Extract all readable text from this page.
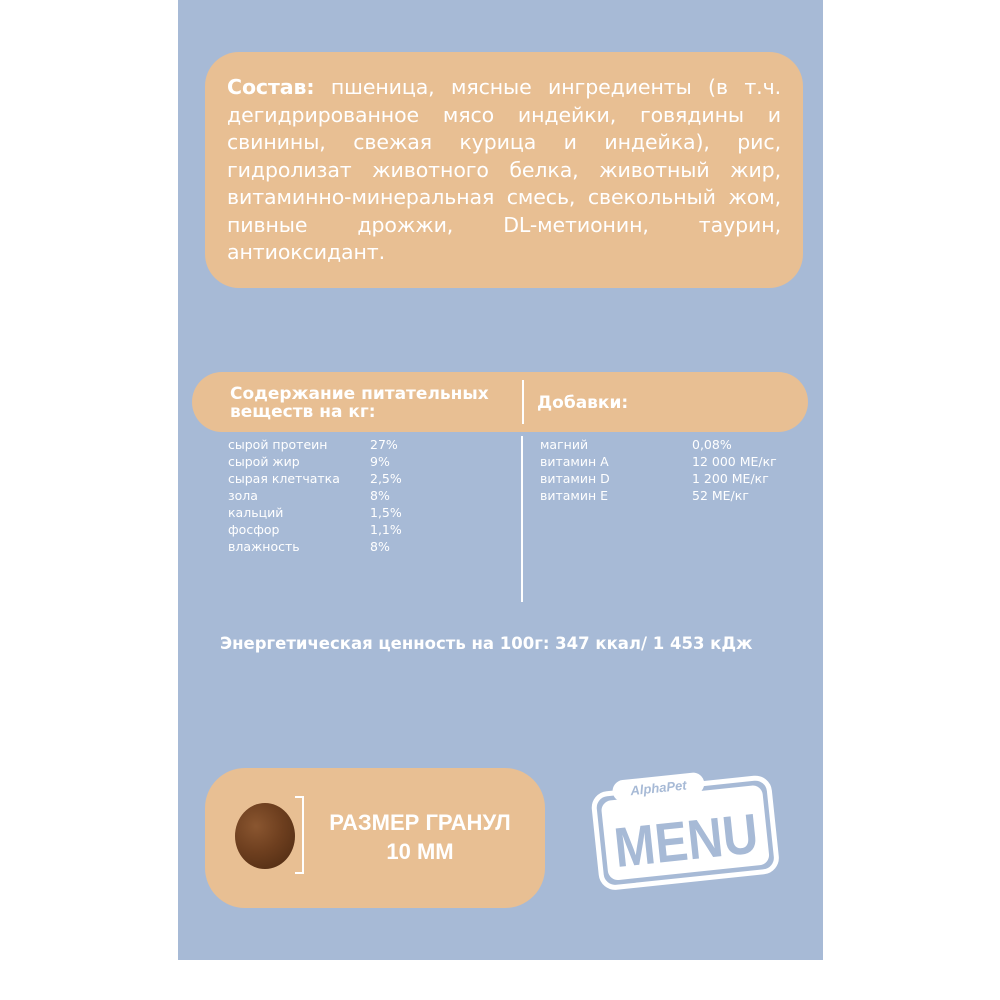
Состав: пшеница, мясные ингредиенты (в т.ч. дегидрированное мясо индейки, говядины и свинины, свежая курица и индейка), рис, гидролизат животного белка, животный жир, витаминно-минеральная смесь, свекольный жом, пивные дрожжи, DL-метионин, таурин, антиоксидант.
Содержание питательных веществ на кг:	Добавки:
сырой протеин	27%
сырой жир	9%
сырая клетчатка 2,5%
зола	8%
кальций	1,5%
фосфор	1,1%
влажность	8%
магний	0,08%
витамин А	12 000 МЕ/кг
витамин D	1 200 МЕ/кг
витамин Е	52 МЕ/кг
Энергетическая ценность на 100г: 347 ккал/ 1 453 кДж
РАЗМЕР ГРАНУЛ
10 ММ
AlphaPet
MENU
